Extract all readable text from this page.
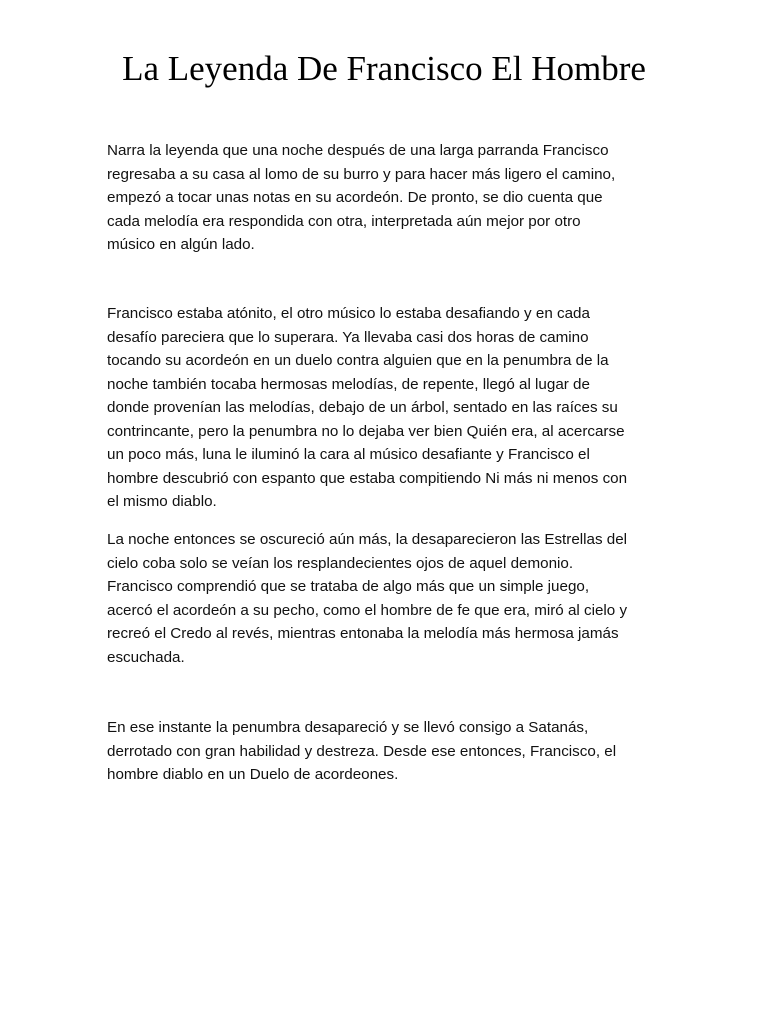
La Leyenda De Francisco El Hombre

Narra la leyenda que una noche después de una larga parranda Francisco
regresaba a su casa al lomo de su burro y para hacer más ligero el camino,
empezó a tocar unas notas en su acordeón. De pronto, se dio cuenta que
cada melodía era respondida con otra, interpretada aún mejor por otro
músico en algún lado.

Francisco estaba atónito, el otro músico lo estaba desafiando y en cada
desafío pareciera que lo superara. Ya llevaba casi dos horas de camino
tocando su acordeón en un duelo contra alguien que en la penumbra de la
noche también tocaba hermosas melodías, de repente, llegó al lugar de
donde provenían las melodías, debajo de un árbol, sentado en las raíces su
contrincante, pero la penumbra no lo dejaba ver bien Quién era, al acercarse
un poco más, luna le iluminó la cara al músico desafiante y Francisco el
hombre descubrió con espanto que estaba compitiendo Ni más ni menos con
el mismo diablo.

La noche entonces se oscureció aún más, la desaparecieron las Estrellas del
cielo coba solo se veían los resplandecientes ojos de aquel demonio.
Francisco comprendió que se trataba de algo más que un simple juego,
acercó el acordeón a su pecho, como el hombre de fe que era, miró al cielo y
recreó el Credo al revés, mientras entonaba la melodía más hermosa jamás
escuchada.

En ese instante la penumbra desapareció y se llevó consigo a Satanás,
derrotado con gran habilidad y destreza. Desde ese entonces, Francisco, el
hombre diablo en un Duelo de acordeones.
